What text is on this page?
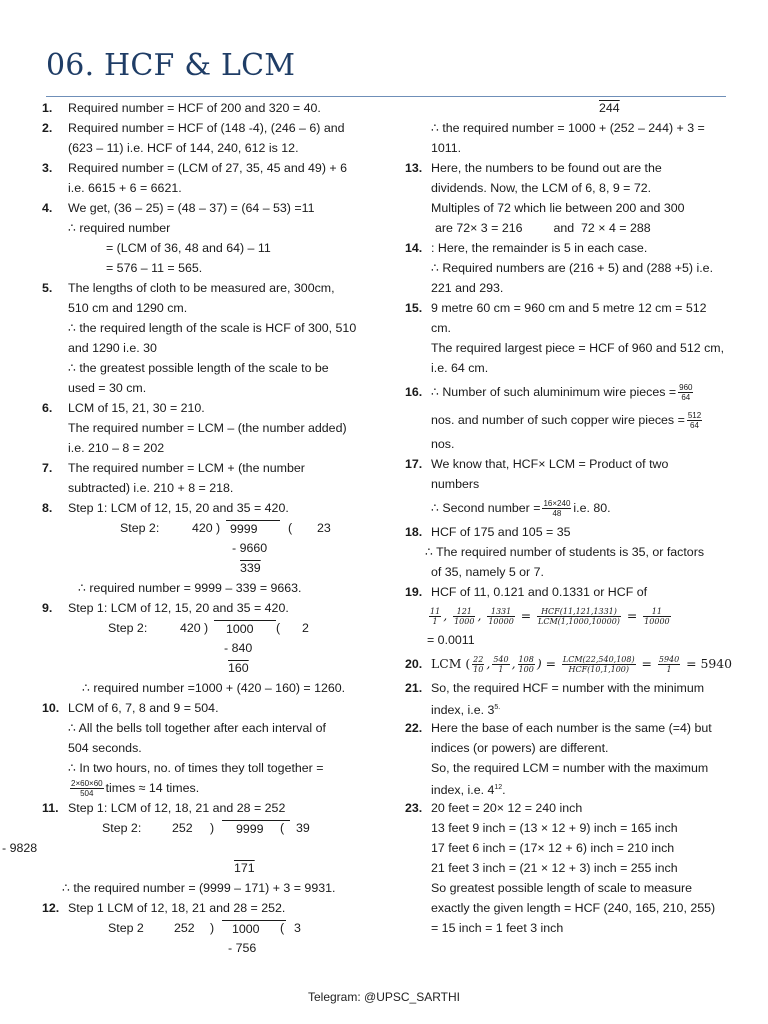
06. HCF & LCM
1. Required number = HCF of 200 and 320 = 40.
2. Required number = HCF of (148 -4), (246 – 6) and
(623 – 11) i.e. HCF of 144, 240, 612 is 12.
3. Required number = (LCM of 27, 35, 45 and 49) + 6
i.e. 6615 + 6 = 6621.
4. We get, (36 – 25) = (48 – 37) = (64 – 53) =11
∴ required number
= (LCM of 36, 48 and 64) – 11
= 576 – 11 = 565.
5. The lengths of cloth to be measured are, 300cm,
510 cm and 1290 cm.
∴ the required length of the scale is HCF of 300, 510
and 1290 i.e. 30
∴ the greatest possible length of the scale to be
used = 30 cm.
6. LCM of 15, 21, 30 = 210.
The required number = LCM – (the number added)
i.e. 210 – 8 = 202
7. The required number = LCM + (the number
subtracted) i.e. 210 + 8 = 218.
8. Step 1: LCM of 12, 15, 20 and 35 = 420.
Step 2:	420 ) 9999	( 23
- 9660
339
∴ required number = 9999 – 339 = 9663.
9. Step 1: LCM of 12, 15, 20 and 35 = 420.
Step 2:	420 )	1000	( 2
- 840
160
∴ required number =1000 + (420 – 160) = 1260.
10. LCM of 6, 7, 8 and 9 = 504.
∴ All the bells toll together after each interval of
504 seconds.
∴ In two hours, no. of times they toll together =
$\frac{2\times 60\times 60}{504}$ times ≈ 14 times.
11. Step 1: LCM of 12, 18, 21 and 28 = 252
Step 2: 252 )	9999	( 39
- 9828
171
∴ the required number = (9999 – 171) + 3 = 9931.
12. Step 1 LCM of 12, 18, 21 and 28 = 252.
Step 2 252 )	1000	( 3
- 756
244
∴ the required number = 1000 + (252 – 244) + 3 =
1011.
13. Here, the numbers to be found out are the
dividends. Now, the LCM of 6, 8, 9 = 72.
Multiples of 72 which lie between 200 and 300
are 72× 3 = 216         and  72 × 4 = 288
14. : Here, the remainder is 5 in each case.
∴ Required numbers are (216 + 5) and (288 +5) i.e.
221 and 293.
15. 9 metre 60 cm = 960 cm and 5 metre 12 cm = 512
cm.
The required largest piece = HCF of 960 and 512 cm,
i.e. 64 cm.
16. ∴ Number of such aluminimum wire pieces = $\frac{960}{64}$
nos. and number of such copper wire pieces = $\frac{512}{64}$
nos.
17. We know that, HCF× LCM = Product of two
numbers
∴ Second number = $\frac{16\times 240}{48} i.e$. 80.
18. HCF of 175 and 105 = 35
∴ The required number of students is 35, or factors
of 35, namely 5 or 7.
19. HCF of 11, 0.121 and 0.1331 or HCF of
$\frac{11}{1}$ , $\frac{121}{1000}$ , $\frac{1331}{10000} = \frac{\text{HCF(11,121,1331)}}{\text{LCM(1,1000,10000)}} = \frac{11}{10000}$
= 0.0011
20. LCM ( $\frac{22}{10}$ , $\frac{540}{1}$ , $\frac{108}{100}$ ) = $\frac{\text{LCM(22,540,108)}}{\text{HCF(10,1,100)}} = \frac{5940}{1} = 5940$
21. So, the required HCF = number with the minimum
index, i.e. $3^{5.}$
22. Here the base of each number is the same (=4) but
indices (or powers) are different.
So, the required LCM = number with the maximum
index, i.e. $4^{12}$.
23. 20 feet = 20× 12 = 240 inch
13 feet 9 inch = (13 × 12 + 9) inch = 165 inch
17 feet 6 inch = (17× 12 + 6) inch = 210 inch
21 feet 3 inch = (21 × 12 + 3) inch = 255 inch
So greatest possible length of scale to measure
exactly the given length = HCF (240, 165, 210, 255)
= 15 inch = 1 feet 3 inch
Telegram: @UPSC_SARTHI
